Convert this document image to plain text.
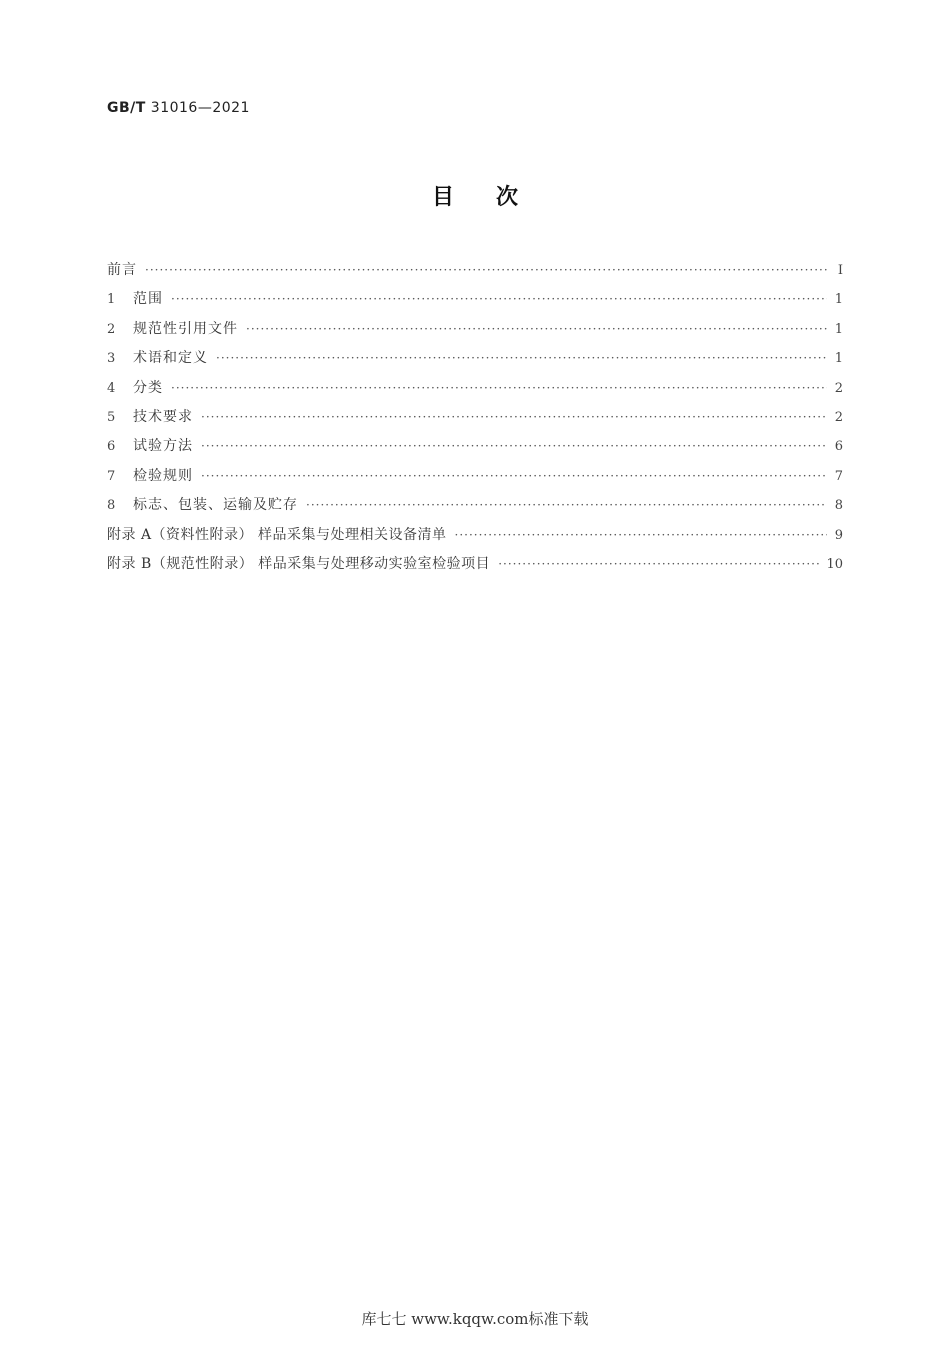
GB/T 31016—2021
目次
前言 ·····	Ⅰ
1	范围 ·····	1
2	规范性引用文件 ·····	1
3	术语和定义 ·····	1
4	分类 ·····	2
5	技术要求 ·····	2
6	试验方法 ·····	6
7	检验规则 ·····	7
8	标志、包装、运输及贮存 ·····	8
附录 A（资料性附录） 样品采集与处理相关设备清单 ·····	9
附录 B（规范性附录） 样品采集与处理移动实验室检验项目 ·····	10
库七七 www.kqqw.com标准下载
